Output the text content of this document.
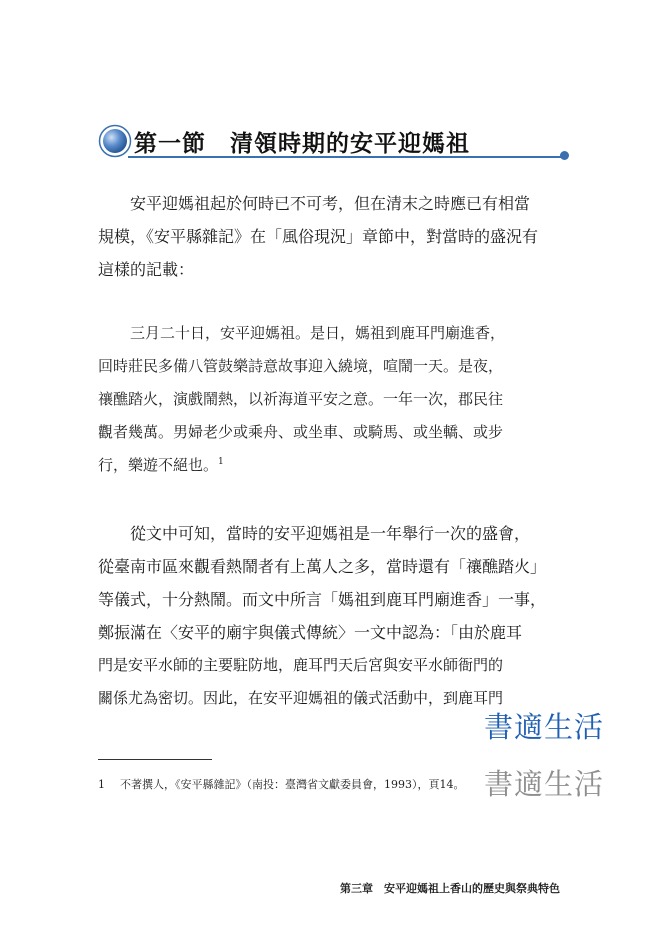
第一節　清領時期的安平迎媽祖
安平迎媽祖起於何時已不可考，但在清末之時應已有相當
規模，《安平縣雜記》在「風俗現況」章節中，對當時的盛況有
這樣的記載：
三月二十日，安平迎媽祖。是日，媽祖到鹿耳門廟進香，
回時莊民多備八管鼓樂詩意故事迎入繞境，喧鬧一天。是夜，
禳醮踏火，演戲鬧熱，以祈海道平安之意。一年一次，郡民往
觀者幾萬。男婦老少或乘舟、或坐車、或騎馬、或坐轎、或步
行，樂遊不絕也。$^1$
從文中可知，當時的安平迎媽祖是一年舉行一次的盛會，
從臺南市區來觀看熱鬧者有上萬人之多，當時還有「禳醮踏火」
等儀式，十分熱鬧。而文中所言「媽祖到鹿耳門廟進香」一事，
鄭振滿在〈安平的廟宇與儀式傳統〉一文中認為：「由於鹿耳
門是安平水師的主要駐防地，鹿耳門天后宮與安平水師衙門的
關係尤為密切。因此，在安平迎媽祖的儀式活動中，到鹿耳門
書適生活
1 不著撰人，《安平縣雜記》（南投：臺灣省文獻委員會，1993），頁14。 書適生活
第三章　安平迎媽祖上香山的歷史與祭典特色
